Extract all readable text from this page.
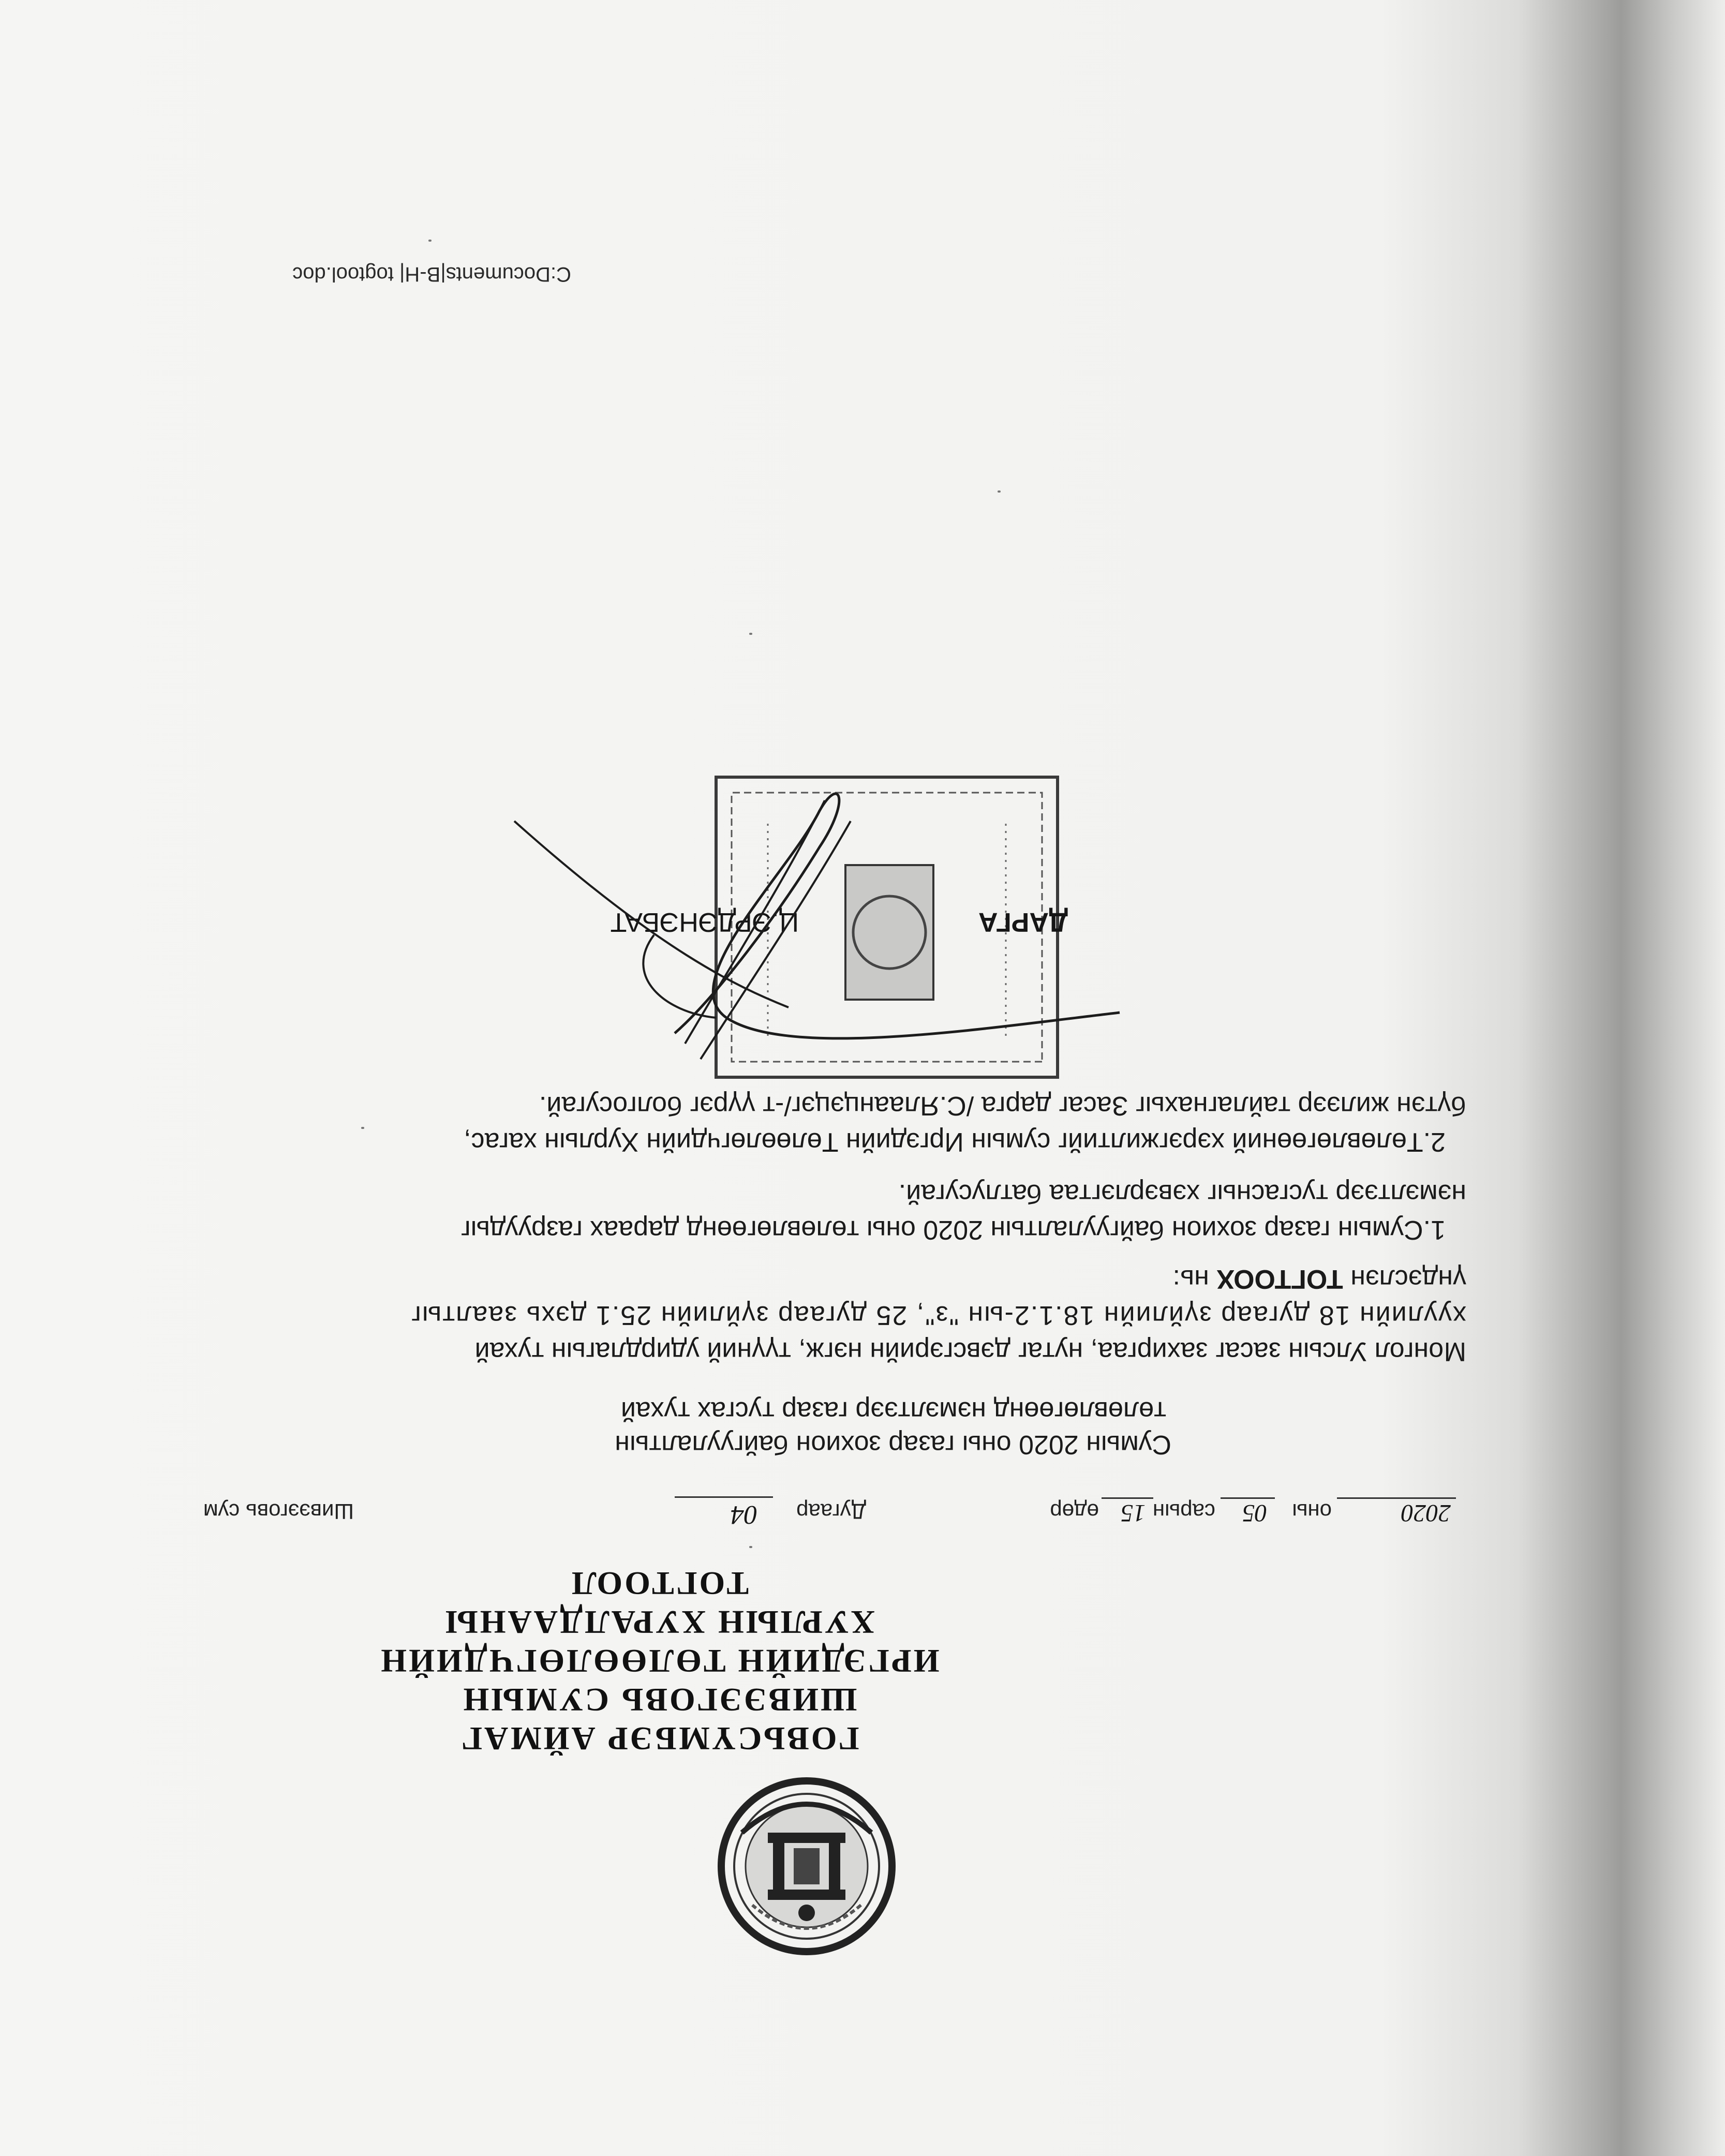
ГОВЬСҮМБЭР АЙМАГ
ШИВЭЭГОВЬ СУМЫН
ИРГЭДИЙН ТӨЛӨӨЛӨГЧДИЙН
ХУРЛЫН ХУРАЛДААНЫ
ТОГТООЛ
2020
оны
05
сарын
15
өдөр
Дугаар
04
Шивээговь сум
Сумын 2020 оны газар зохион байгуулалтын
төлөвлөгөөнд нэмэлтээр газар тусгах тухай
Монгол Улсын засаг захиргаа, нутаг дэвсгэрийн нэгж, түүний удирдлагын тухай
хуулийн 18 дугаар зүйлийн 18.1.2-ын "з", 25 дугаар зүйлийн 25.1 дэхь заалтыг
үндэслэн ТОГТООХ нь:
1.Сумын газар зохион байгуулалтын 2020 оны төлөвлөгөөнд дараах газруудыг
нэмэлтээр тусгасныг хэвэрлэгтаа батлусугай.
2.Төлөвлөгөөний хэрэгжилтийг сумын Иргэдийн Төлөөлөгчдийн Хурлын хагас,
бүтэн жилээр тайлагнахыг Засаг дарга /С.Ялаанцэцэг/-т үүрэг болгосугай.
ДАРГА
Ц.ЭРДЭНЭБАТ
C:Documents|B-H| togtool.doc
